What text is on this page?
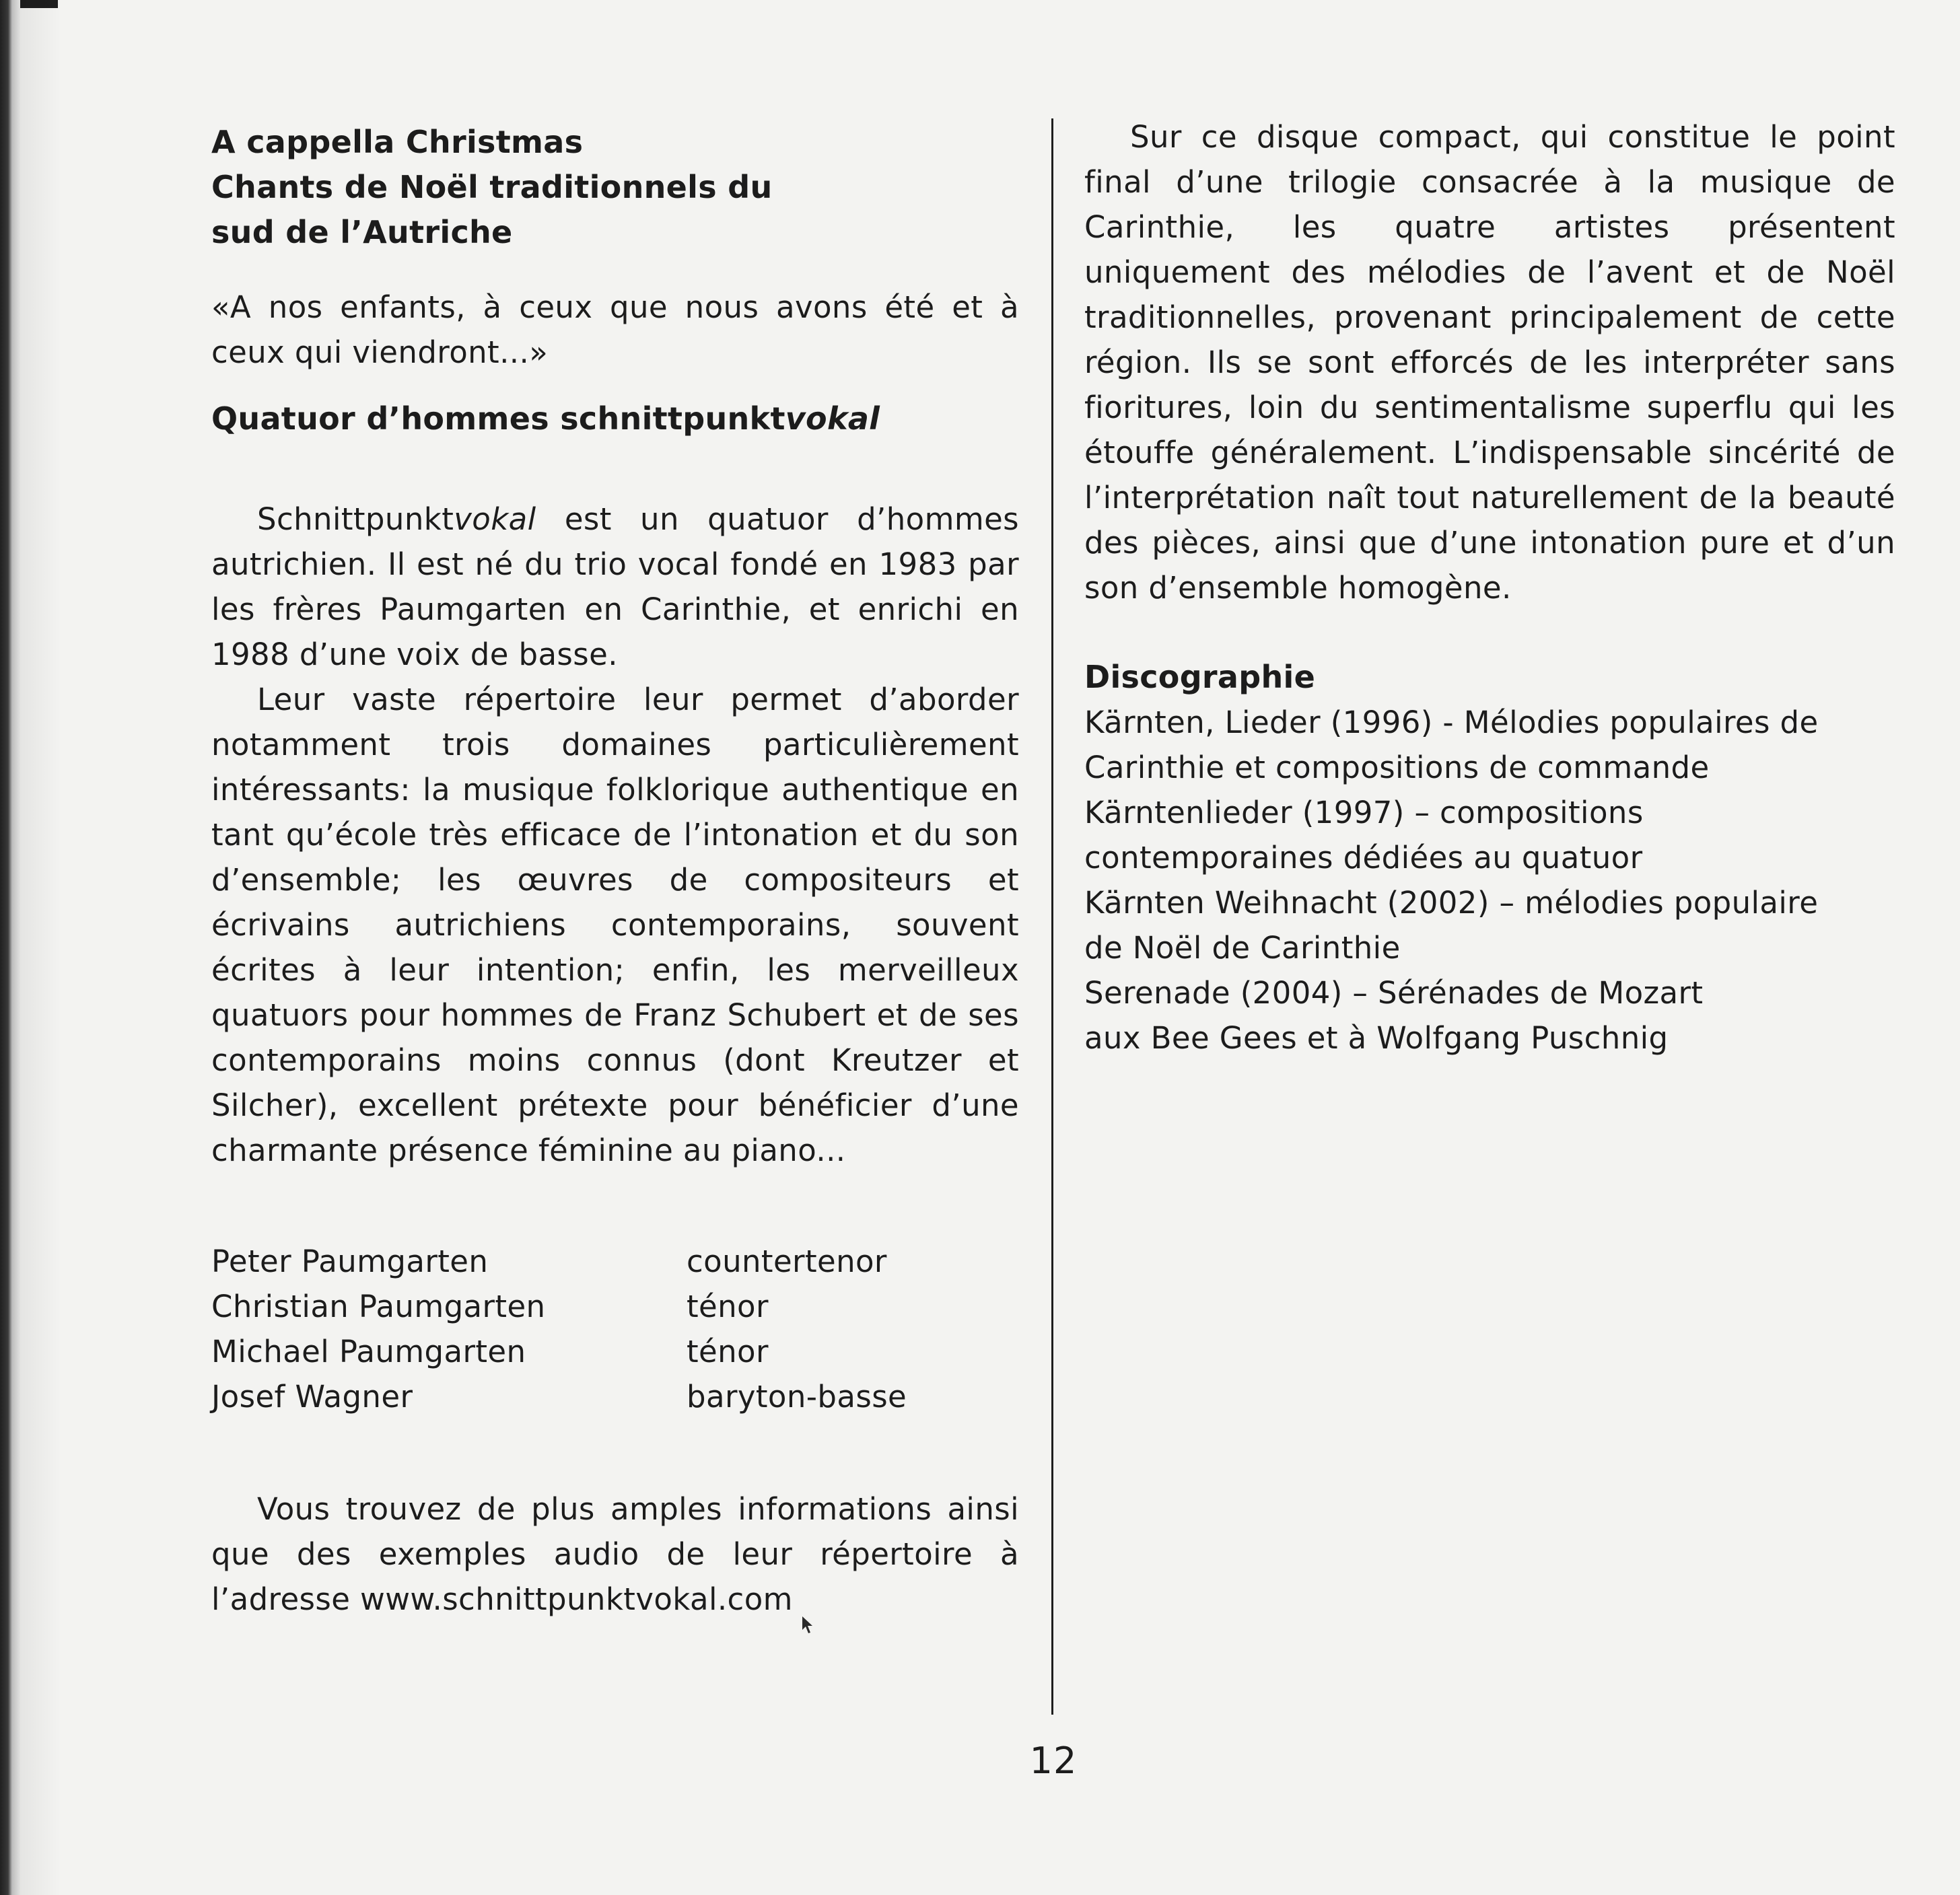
A cappella Christmas
Chants de Noël traditionnels du
sud de l’Autriche

«A nos enfants, à ceux que nous avons été et à ceux qui viendront...»

Quatuor d’hommes schnittpunktvokal

Schnittpunktvokal est un quatuor d’hommes autrichien. Il est né du trio vocal fondé en 1983 par les frères Paumgarten en Carinthie, et enrichi en 1988 d’une voix de basse.

Leur vaste répertoire leur permet d’aborder notamment trois domaines particulièrement intéressants: la musique folklorique authentique en tant qu’école très efficace de l’intonation et du son d’ensemble; les œuvres de compositeurs et écrivains autrichiens contemporains, souvent écrites à leur intention; enfin, les merveilleux quatuors pour hommes de Franz Schubert et de ses contemporains moins connus (dont Kreutzer et Silcher), excellent prétexte pour bénéficier d’une charmante présence féminine au piano...

Peter Paumgarten	countertenor
Christian Paumgarten	ténor
Michael Paumgarten	ténor
Josef Wagner	baryton-basse

Vous trouvez de plus amples informations ainsi que des exemples audio de leur répertoire à l’adresse www.schnittpunktvokal.com

Sur ce disque compact, qui constitue le point final d’une trilogie consacrée à la musique de Carinthie, les quatre artistes présentent uniquement des mélodies de l’avent et de Noël traditionnelles, provenant principalement de cette région. Ils se sont efforcés de les interpréter sans fioritures, loin du sentimentalisme superflu qui les étouffe généralement. L’indispensable sincérité de l’interprétation naît tout naturellement de la beauté des pièces, ainsi que d’une intonation pure et d’un son d’ensemble homogène.

Discographie
Kärnten, Lieder (1996) - Mélodies populaires de
Carinthie et compositions de commande
Kärntenlieder (1997) – compositions
contemporaines dédiées au quatuor
Kärnten Weihnacht (2002) – mélodies populaire
de Noël de Carinthie
Serenade (2004) – Sérénades de Mozart
aux Bee Gees et à Wolfgang Puschnig
12
